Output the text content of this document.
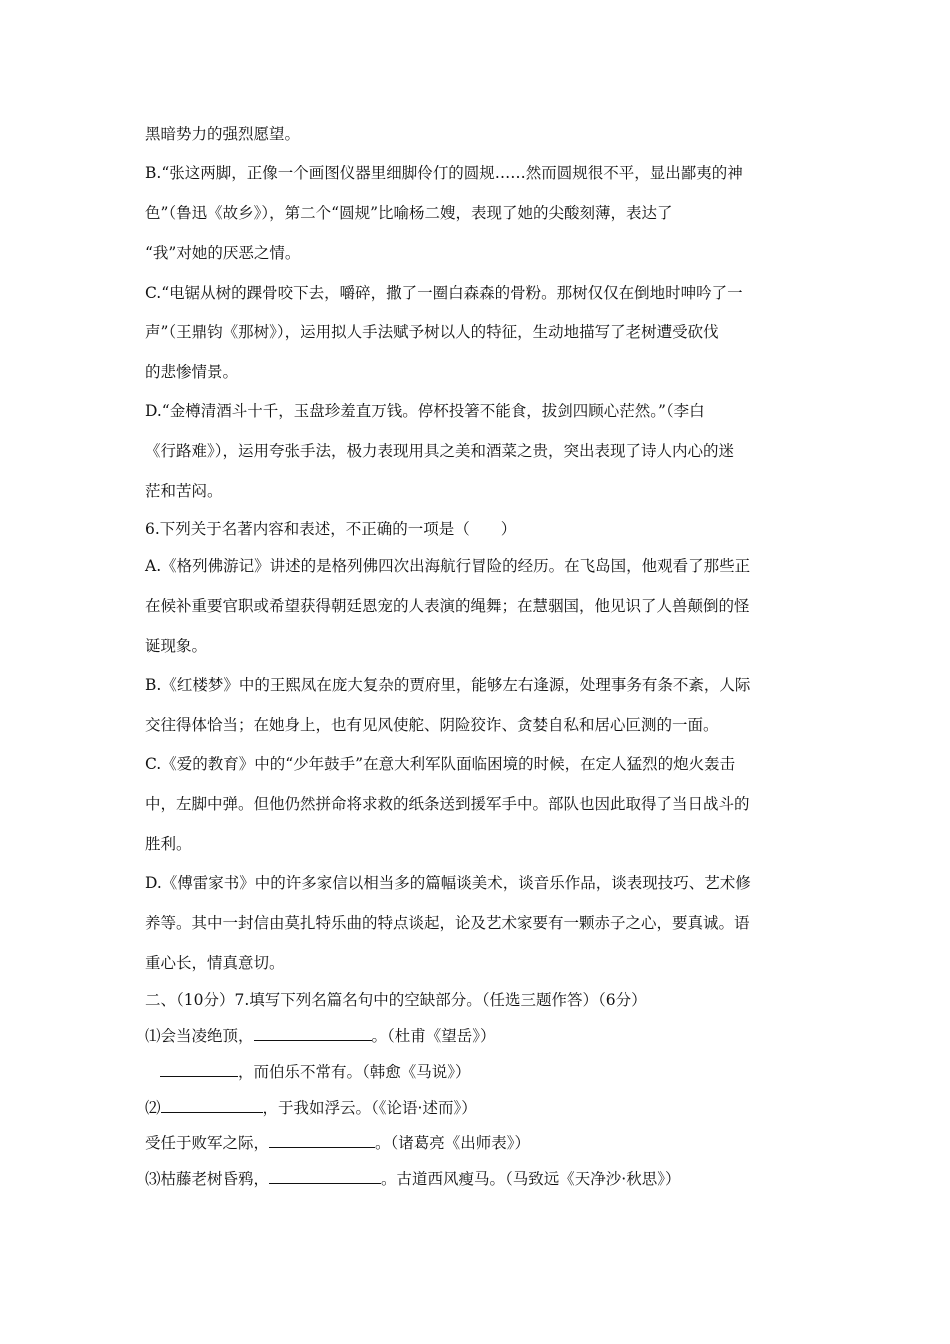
黑暗势力的强烈愿望。
B.“张这两脚，正像一个画图仪器里细脚伶仃的圆规……然而圆规很不平，显出鄙夷的神
色”（鲁迅《故乡》），第二个“圆规”比喻杨二嫂，表现了她的尖酸刻薄，表达了
“我”对她的厌恶之情。
C.“电锯从树的踝骨咬下去，嚼碎，撒了一圈白森森的骨粉。那树仅仅在倒地时呻吟了一
声”（王鼎钧《那树》），运用拟人手法赋予树以人的特征，生动地描写了老树遭受砍伐
的悲惨情景。
D.“金樽清酒斗十千，玉盘珍羞直万钱。停杯投箸不能食，拔剑四顾心茫然。”（李白
《行路难》），运用夸张手法，极力表现用具之美和酒菜之贵，突出表现了诗人内心的迷
茫和苦闷。
6.下列关于名著内容和表述，不正确的一项是（　　）
A.《格列佛游记》讲述的是格列佛四次出海航行冒险的经历。在飞岛国，他观看了那些正
在候补重要官职或希望获得朝廷恩宠的人表演的绳舞；在慧骃国，他见识了人兽颠倒的怪
诞现象。
B.《红楼梦》中的王熙凤在庞大复杂的贾府里，能够左右逢源，处理事务有条不紊，人际
交往得体恰当；在她身上，也有见风使舵、阴险狡诈、贪婪自私和居心叵测的一面。
C.《爱的教育》中的“少年鼓手”在意大利军队面临困境的时候，在定人猛烈的炮火轰击
中，左脚中弹。但他仍然拼命将求救的纸条送到援军手中。部队也因此取得了当日战斗的
胜利。
D.《傅雷家书》中的许多家信以相当多的篇幅谈美术，谈音乐作品，谈表现技巧、艺术修
养等。其中一封信由莫扎特乐曲的特点谈起，论及艺术家要有一颗赤子之心，要真诚。语
重心长，情真意切。
二、（10分）7.填写下列名篇名句中的空缺部分。（任选三题作答）（6分）
⑴会当凌绝顶，	。（杜甫《望岳》）
，而伯乐不常有。（韩愈《马说》）
⑵	，于我如浮云。（《论语·述而》）
受任于败军之际，	。（诸葛亮《出师表》）
⑶枯藤老树昏鸦，	。古道西风瘦马。（马致远《天净沙·秋思》）
